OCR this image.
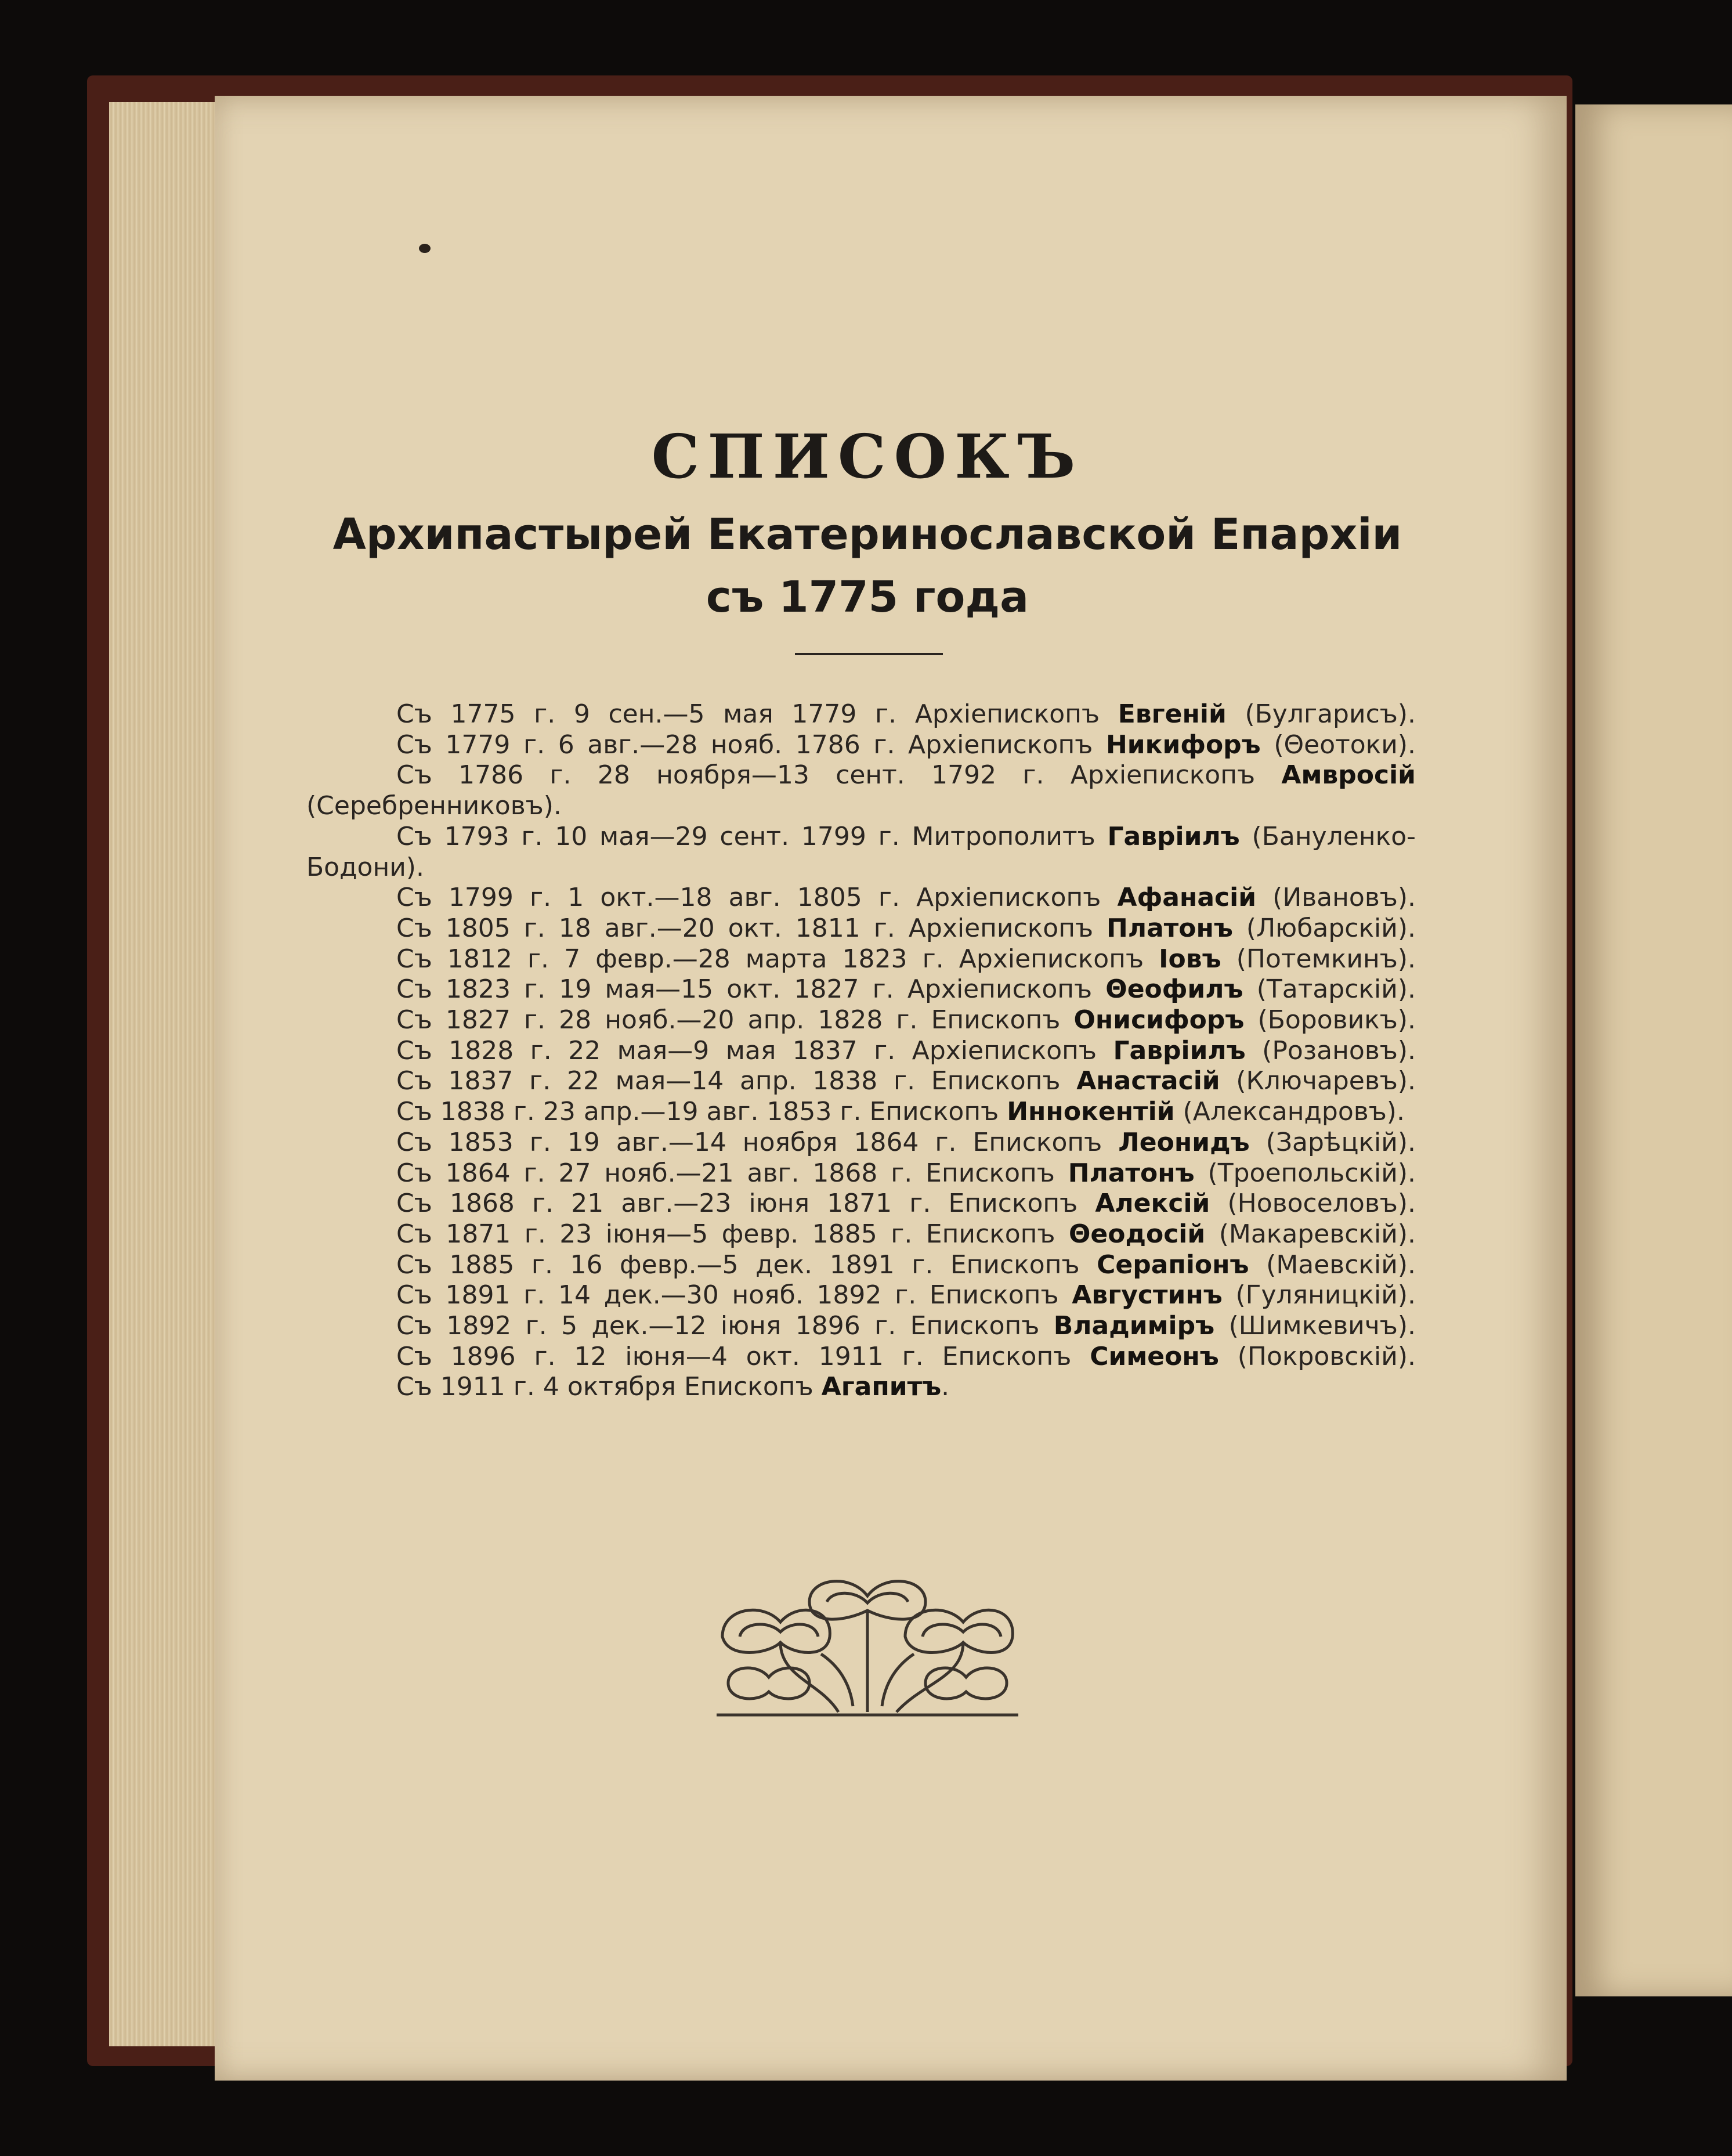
СПИСОКЪ
Архипастырей Екатеринославской Епархіи
съ 1775 года

Съ 1775 г. 9 сен.—5 мая 1779 г. Архіепископъ Евгеній (Булгарисъ).

Съ 1779 г. 6 авг.—28 нояб. 1786 г. Архіепископъ Никифоръ (Θеотоки).

Съ 1786 г. 28 ноября—13 сент. 1792 г. Архіепископъ Амвросій (Серебренниковъ).

Съ 1793 г. 10 мая—29 сент. 1799 г. Митрополитъ Гавріилъ (Бануленко-Бодони).

Съ 1799 г. 1 окт.—18 авг. 1805 г. Архіепископъ Афанасій (Ивановъ).

Съ 1805 г. 18 авг.—20 окт. 1811 г. Архіепископъ Платонъ (Любарскій).

Съ 1812 г. 7 февр.—28 марта 1823 г. Архіепископъ Іовъ (Потемкинъ).

Съ 1823 г. 19 мая—15 окт. 1827 г. Архіепископъ Θеофилъ (Татарскій).

Съ 1827 г. 28 нояб.—20 апр. 1828 г. Епископъ Онисифоръ (Боровикъ).

Съ 1828 г. 22 мая—9 мая 1837 г. Архіепископъ Гавріилъ (Розановъ).

Съ 1837 г. 22 мая—14 апр. 1838 г. Епископъ Анастасій (Ключаревъ).

Съ 1838 г. 23 апр.—19 авг. 1853 г. Епископъ Иннокентій (Александровъ).

Съ 1853 г. 19 авг.—14 ноября 1864 г. Епископъ Леонидъ (Зарѣцкій).

Съ 1864 г. 27 нояб.—21 авг. 1868 г. Епископъ Платонъ (Троепольскій).

Съ 1868 г. 21 авг.—23 іюня 1871 г. Епископъ Алексій (Новоселовъ).

Съ 1871 г. 23 іюня—5 февр. 1885 г. Епископъ Θеодосій (Макаревскій).

Съ 1885 г. 16 февр.—5 дек. 1891 г. Епископъ Серапіонъ (Маевскій).

Съ 1891 г. 14 дек.—30 нояб. 1892 г. Епископъ Августинъ (Гуляницкій).

Съ 1892 г. 5 дек.—12 іюня 1896 г. Епископъ Владиміръ (Шимкевичъ).

Съ 1896 г. 12 іюня—4 окт. 1911 г. Епископъ Симеонъ (Покровскій).

Съ 1911 г. 4 октября Епископъ Агапитъ.
